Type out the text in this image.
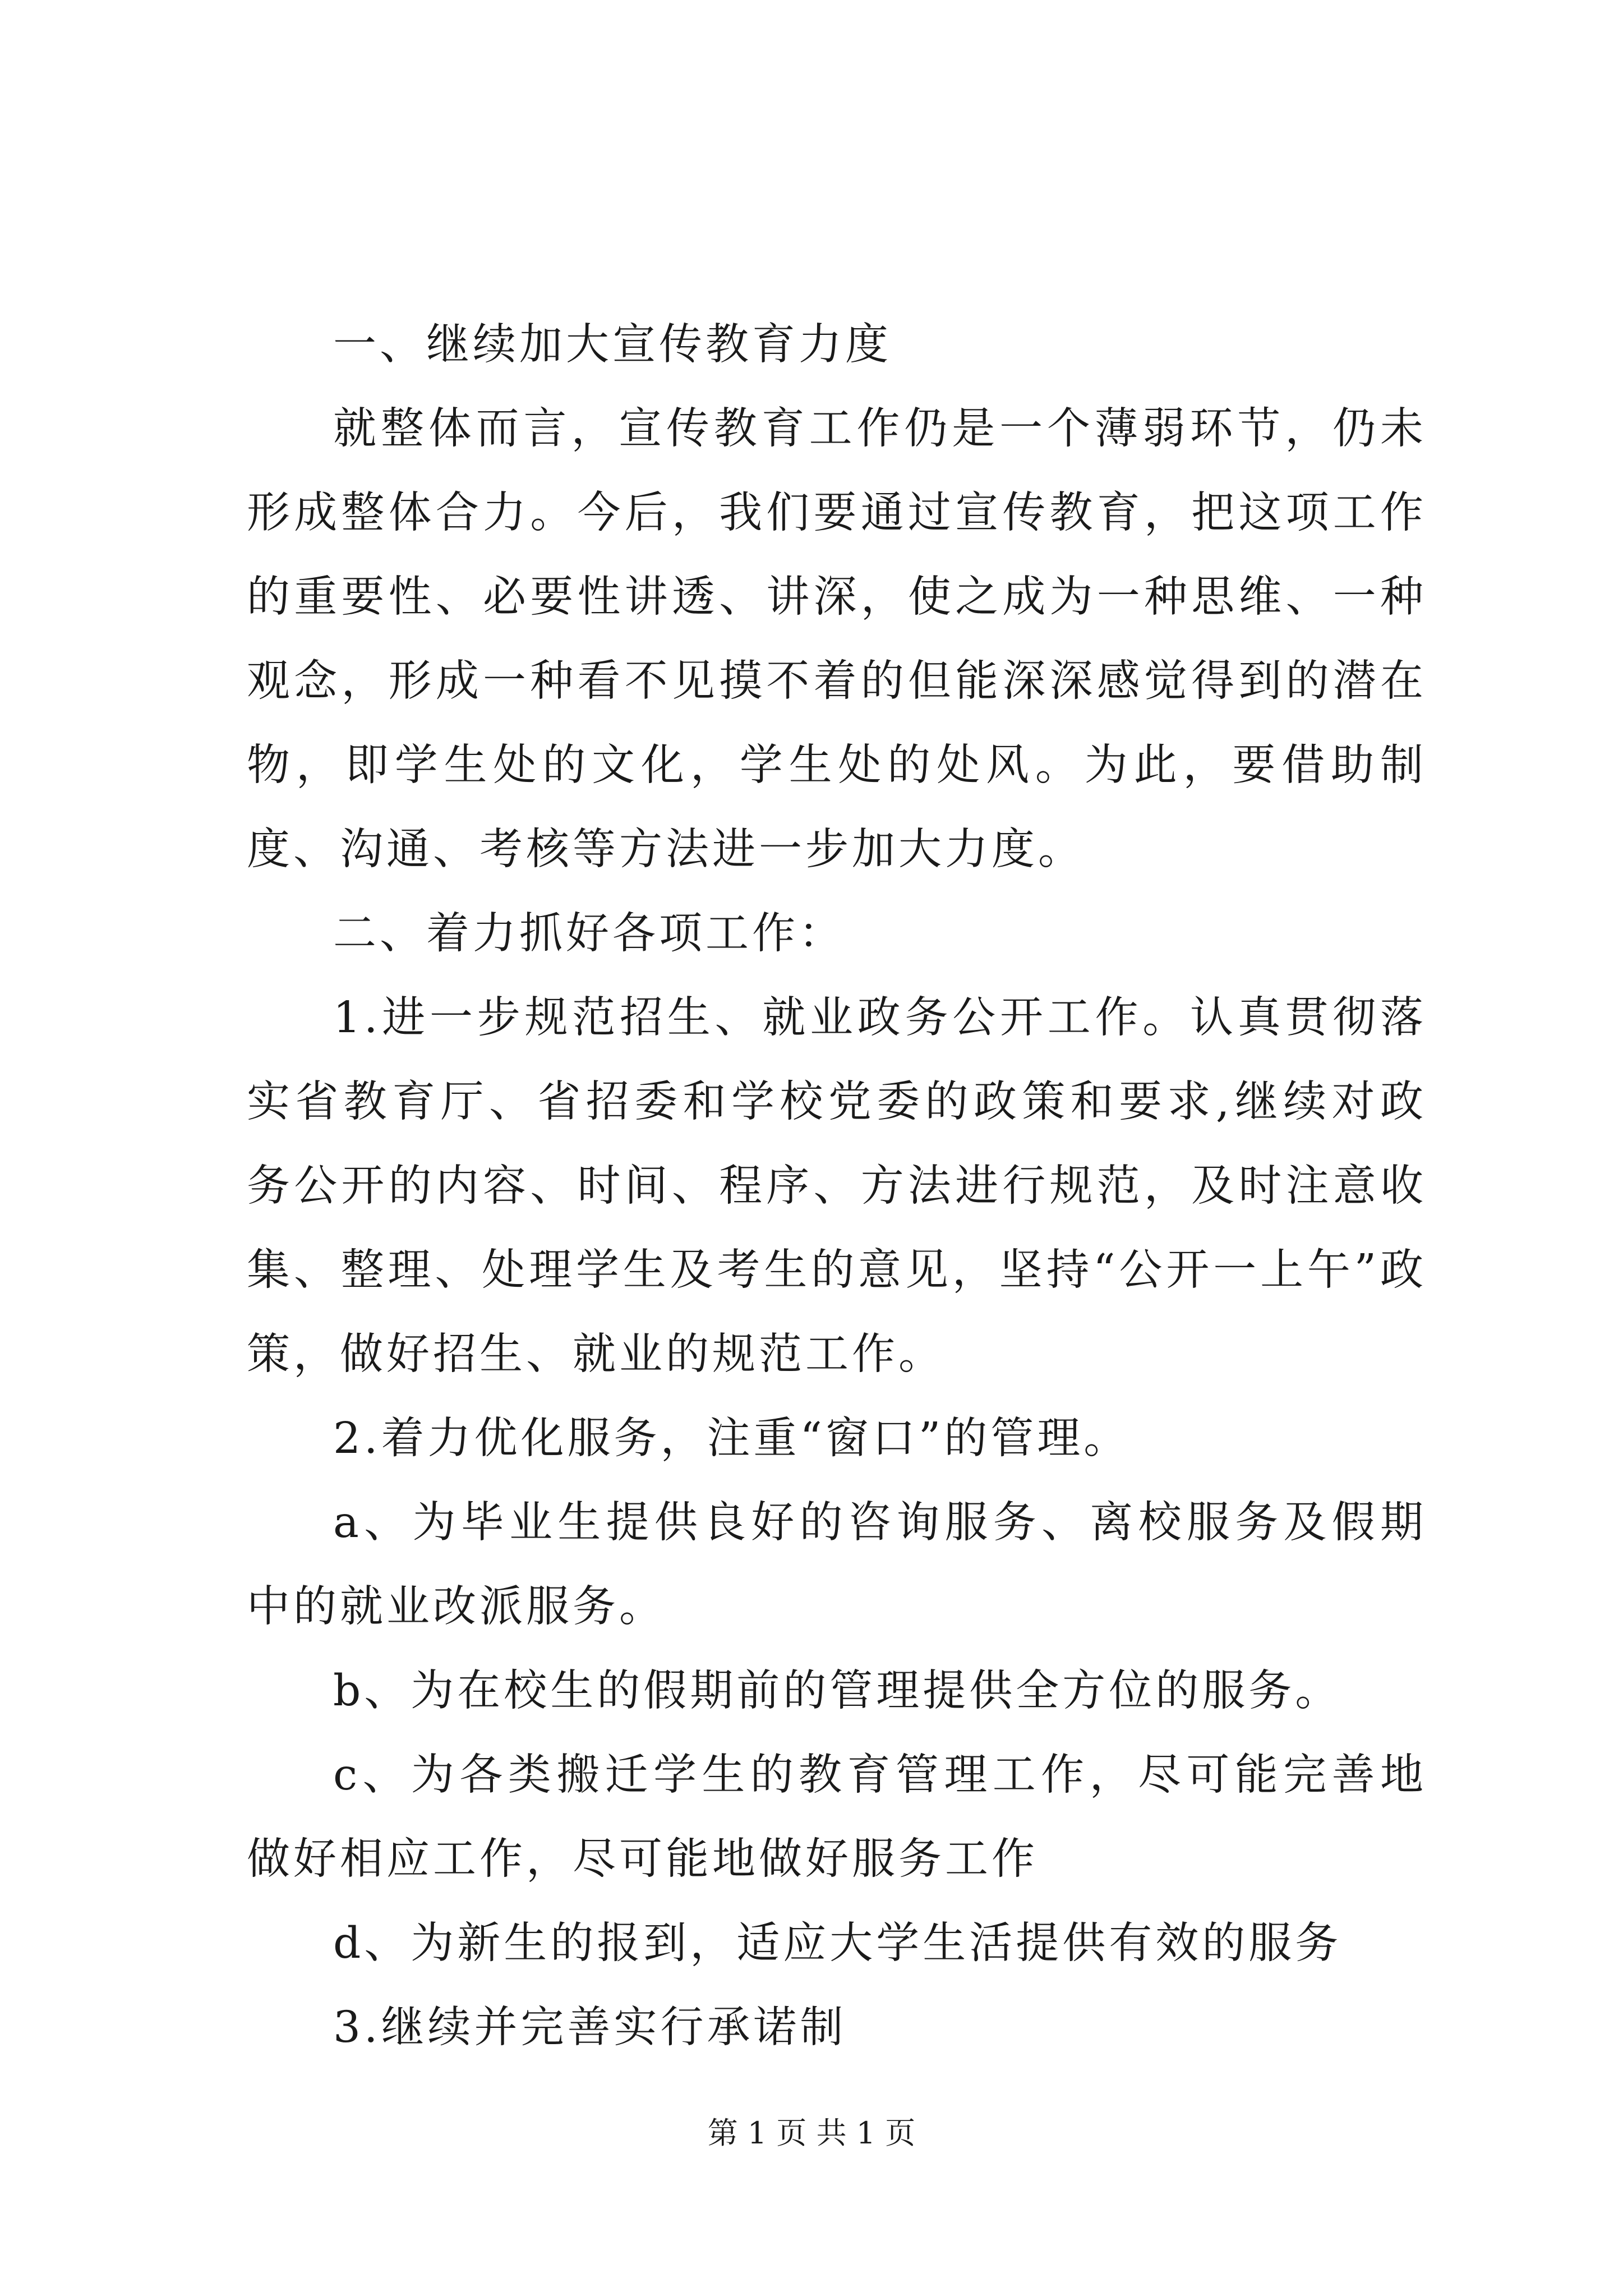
一、继续加大宣传教育力度

就整体而言，宣传教育工作仍是一个薄弱环节，仍未形成整体合力。今后，我们要通过宣传教育，把这项工作的重要性、必要性讲透、讲深，使之成为一种思维、一种观念，形成一种看不见摸不着的但能深深感觉得到的潜在物，即学生处的文化，学生处的处风。为此，要借助制度、沟通、考核等方法进一步加大力度。

二、着力抓好各项工作：

1.进一步规范招生、就业政务公开工作。认真贯彻落实省教育厅、省招委和学校党委的政策和要求,继续对政务公开的内容、时间、程序、方法进行规范，及时注意收集、整理、处理学生及考生的意见，坚持“公开一上午”政策，做好招生、就业的规范工作。

2.着力优化服务，注重“窗口”的管理。

a、为毕业生提供良好的咨询服务、离校服务及假期中的就业改派服务。

b、为在校生的假期前的管理提供全方位的服务。

c、为各类搬迁学生的教育管理工作，尽可能完善地做好相应工作，尽可能地做好服务工作

d、为新生的报到，适应大学生活提供有效的服务

3.继续并完善实行承诺制

第 1 页 共 1 页
